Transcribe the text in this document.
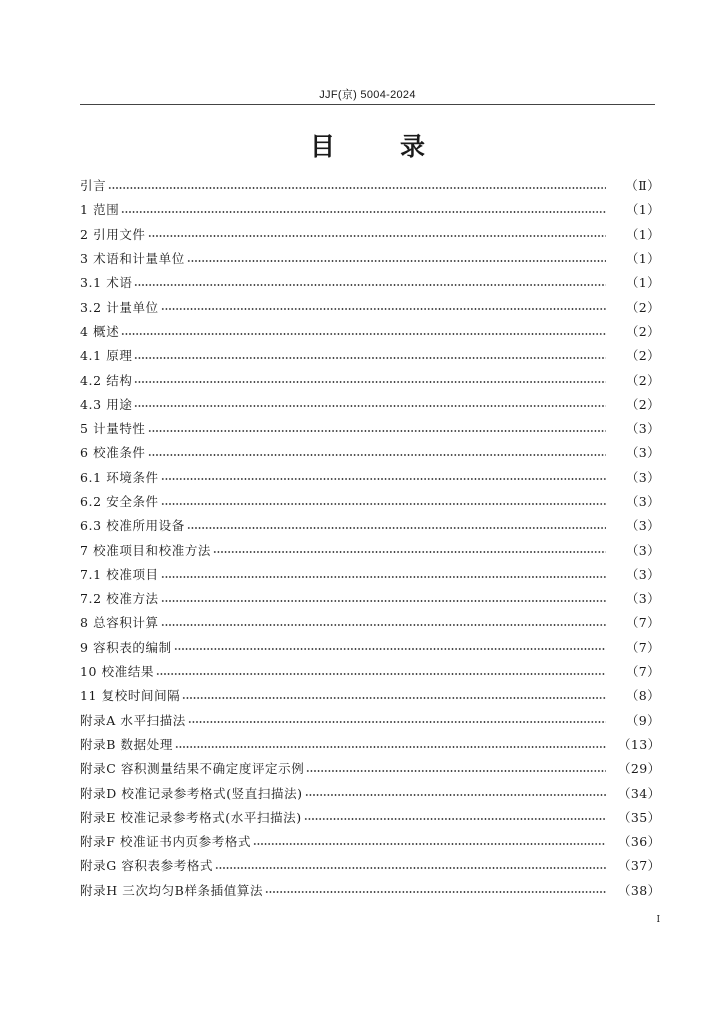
JJF(京) 5004-2024
目　录
引言	（Ⅱ）
1 范围	（1）
2 引用文件	（1）
3 术语和计量单位	（1）
3.1 术语	（1）
3.2 计量单位	（2）
4 概述	（2）
4.1 原理	（2）
4.2 结构	（2）
4.3 用途	（2）
5 计量特性	（3）
6 校准条件	（3）
6.1 环境条件	（3）
6.2 安全条件	（3）
6.3 校准所用设备	（3）
7 校准项目和校准方法	（3）
7.1 校准项目	（3）
7.2 校准方法	（3）
8 总容积计算	（7）
9 容积表的编制	（7）
10 校准结果	（7）
11 复校时间间隔	（8）
附录A 水平扫描法	（9）
附录B 数据处理	（13）
附录C 容积测量结果不确定度评定示例	（29）
附录D 校准记录参考格式(竖直扫描法)	（34）
附录E 校准记录参考格式(水平扫描法)	（35）
附录F 校准证书内页参考格式	（36）
附录G 容积表参考格式	（37）
附录H 三次均匀B样条插值算法	（38）
Ⅰ
